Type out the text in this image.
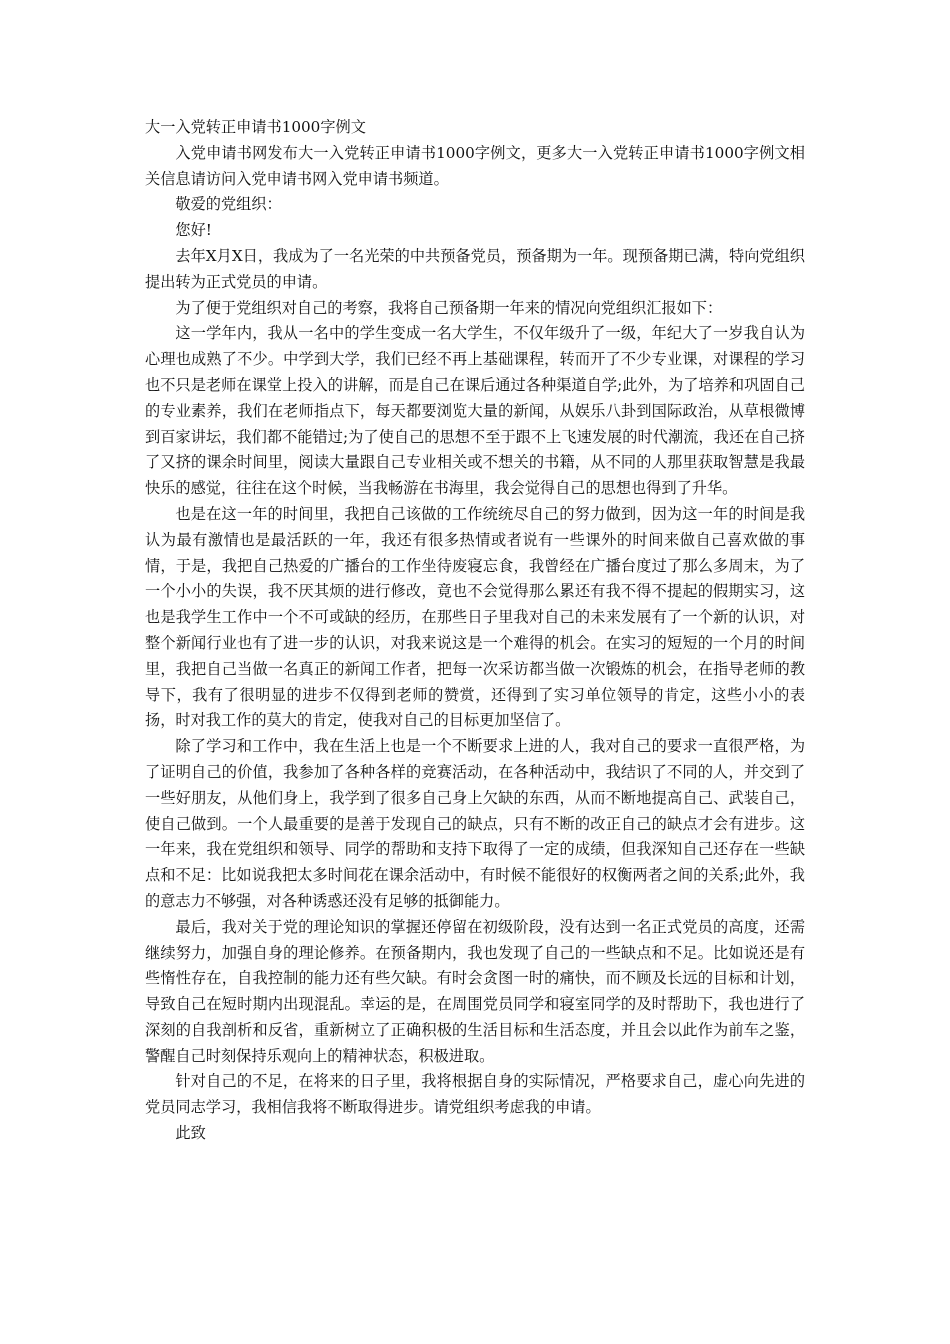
大一入党转正申请书1000字例文

入党申请书网发布大一入党转正申请书1000字例文，更多大一入党转正申请书1000字例文相关信息请访问入党申请书网入党申请书频道。

敬爱的党组织：

您好!

去年X月X日，我成为了一名光荣的中共预备党员，预备期为一年。现预备期已满，特向党组织提出转为正式党员的申请。

为了便于党组织对自己的考察，我将自己预备期一年来的情况向党组织汇报如下：

这一学年内，我从一名中的学生变成一名大学生，不仅年级升了一级，年纪大了一岁我自认为心理也成熟了不少。中学到大学，我们已经不再上基础课程，转而开了不少专业课，对课程的学习也不只是老师在课堂上投入的讲解，而是自己在课后通过各种渠道自学;此外，为了培养和巩固自己的专业素养，我们在老师指点下，每天都要浏览大量的新闻，从娱乐八卦到国际政治，从草根微博到百家讲坛，我们都不能错过;为了使自己的思想不至于跟不上飞速发展的时代潮流，我还在自己挤了又挤的课余时间里，阅读大量跟自己专业相关或不想关的书籍，从不同的人那里获取智慧是我最快乐的感觉，往往在这个时候，当我畅游在书海里，我会觉得自己的思想也得到了升华。

也是在这一年的时间里，我把自己该做的工作统统尽自己的努力做到，因为这一年的时间是我认为最有激情也是最活跃的一年，我还有很多热情或者说有一些课外的时间来做自己喜欢做的事情，于是，我把自己热爱的广播台的工作坐待废寝忘食，我曾经在广播台度过了那么多周末，为了一个小小的失误，我不厌其烦的进行修改，竟也不会觉得那么累还有我不得不提起的假期实习，这也是我学生工作中一个不可或缺的经历，在那些日子里我对自己的未来发展有了一个新的认识，对整个新闻行业也有了进一步的认识，对我来说这是一个难得的机会。在实习的短短的一个月的时间里，我把自己当做一名真正的新闻工作者，把每一次采访都当做一次锻炼的机会，在指导老师的教导下，我有了很明显的进步不仅得到老师的赞赏，还得到了实习单位领导的肯定，这些小小的表扬，时对我工作的莫大的肯定，使我对自己的目标更加坚信了。

除了学习和工作中，我在生活上也是一个不断要求上进的人，我对自己的要求一直很严格，为了证明自己的价值，我参加了各种各样的竞赛活动，在各种活动中，我结识了不同的人，并交到了一些好朋友，从他们身上，我学到了很多自己身上欠缺的东西，从而不断地提高自己、武装自己，使自己做到。一个人最重要的是善于发现自己的缺点，只有不断的改正自己的缺点才会有进步。这一年来，我在党组织和领导、同学的帮助和支持下取得了一定的成绩，但我深知自己还存在一些缺点和不足：比如说我把太多时间花在课余活动中，有时候不能很好的权衡两者之间的关系;此外，我的意志力不够强，对各种诱惑还没有足够的抵御能力。

最后，我对关于党的理论知识的掌握还停留在初级阶段，没有达到一名正式党员的高度，还需继续努力，加强自身的理论修养。在预备期内，我也发现了自己的一些缺点和不足。比如说还是有些惰性存在，自我控制的能力还有些欠缺。有时会贪图一时的痛快，而不顾及长远的目标和计划，导致自己在短时期内出现混乱。幸运的是，在周围党员同学和寝室同学的及时帮助下，我也进行了深刻的自我剖析和反省，重新树立了正确积极的生活目标和生活态度，并且会以此作为前车之鉴，警醒自己时刻保持乐观向上的精神状态，积极进取。

针对自己的不足，在将来的日子里，我将根据自身的实际情况，严格要求自己，虚心向先进的党员同志学习，我相信我将不断取得进步。请党组织考虑我的申请。

此致
